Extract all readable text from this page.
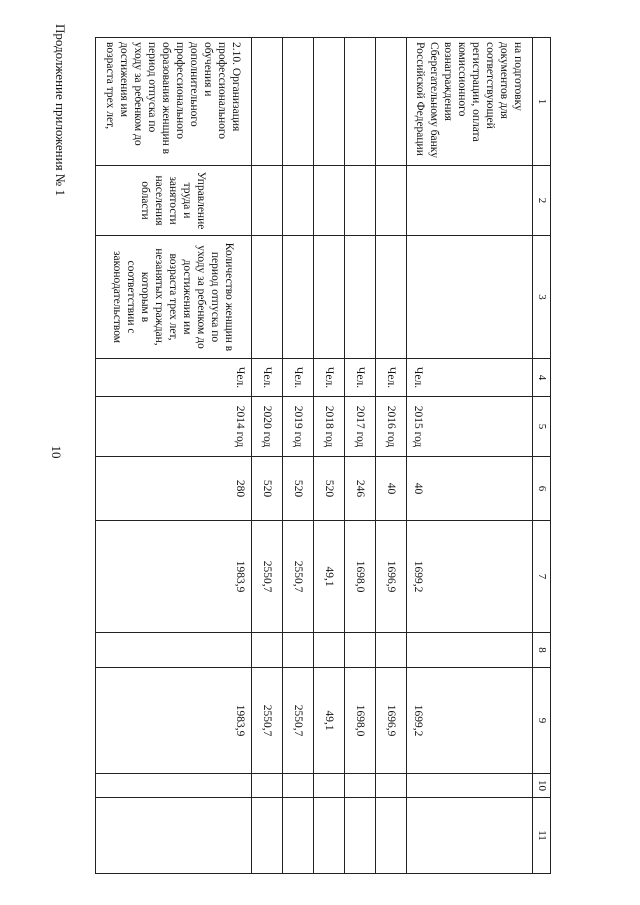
10
Продолжение приложения № 1	1	2	3	4	5	6	7	8	9	10	11
на подготовку документов для соответствующей регистрации, оплата комиссионного вознаграждения Сберегательному банку Российской Федерации			Чел.	2015 год	40	1699,2		1699,2		
			Чел.	2016 год	40	1696,9		1696,9		
			Чел.	2017 год	246	1698,0		1698,0		
			Чел.	2018 год	520	49,1		49,1		
			Чел.	2019 год	520	2550,7		2550,7		
			Чел.	2020 год	520	2550,7		2550,7		
2.10. Организация профессионального обучения и дополнительного профессионального образования женщин в период отпуска по уходу за ребенком до достижения им возраста трех лет,	Управление труда и занятости населения области	Количество женщин в период отпуска по уходу за ребенком до достижения им возраста трех лет, незанятых граждан, которым в соответствии с законодательством	Чел.	2014 год	280	1983,9		1983,9		
